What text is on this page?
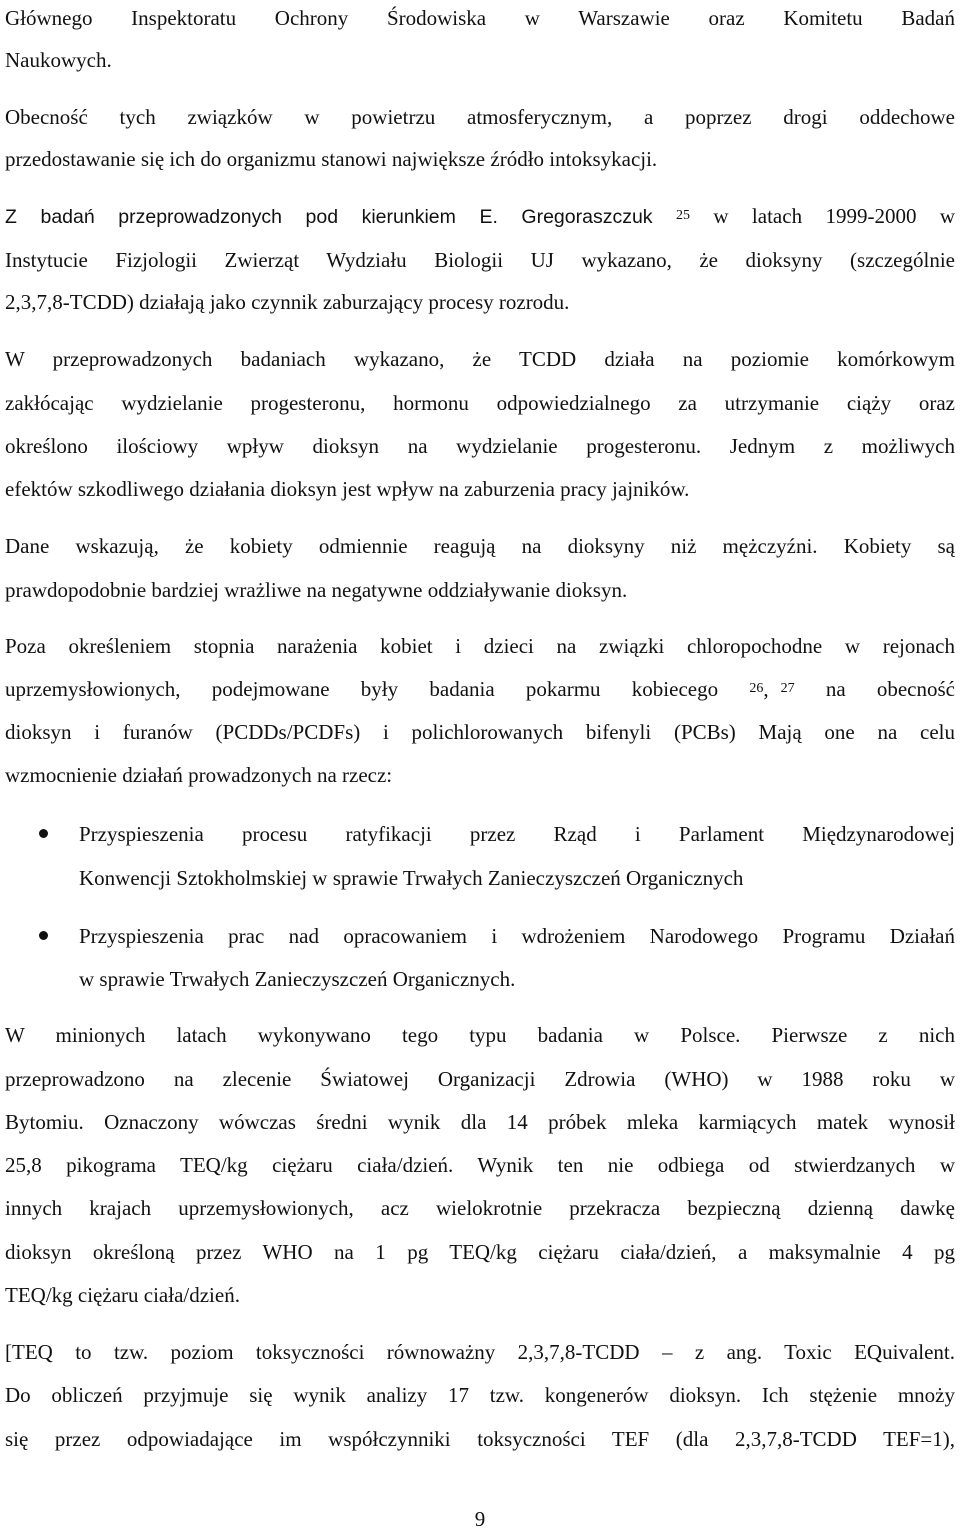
Głównego Inspektoratu Ochrony Środowiska w Warszawie oraz Komitetu Badań
Naukowych.
Obecność tych związków w powietrzu atmosferycznym, a poprzez drogi oddechowe
przedostawanie się ich do organizmu stanowi największe źródło intoksykacji.
Z badań przeprowadzonych pod kierunkiem E. Gregoraszczuk $^{25}$ w latach 1999-2000 w
Instytucie Fizjologii Zwierząt Wydziału Biologii UJ wykazano, że dioksyny (szczególnie
2,3,7,8-TCDD) działają jako czynnik zaburzający procesy rozrodu.
W przeprowadzonych badaniach wykazano, że TCDD działa na poziomie komórkowym
zakłócając wydzielanie progesteronu, hormonu odpowiedzialnego za utrzymanie ciąży oraz
określono ilościowy wpływ dioksyn na wydzielanie progesteronu. Jednym z możliwych
efektów szkodliwego działania dioksyn jest wpływ na zaburzenia pracy jajników.
Dane wskazują, że kobiety odmiennie reagują na dioksyny niż mężczyźni. Kobiety są
prawdopodobnie bardziej wrażliwe na negatywne oddziaływanie dioksyn.
Poza określeniem stopnia narażenia kobiet i dzieci na związki chloropochodne w rejonach
uprzemysłowionych, podejmowane były badania pokarmu kobiecego $^{26}$, $^{27}$ na obecność
dioksyn i furanów (PCDDs/PCDFs) i polichlorowanych bifenyli (PCBs) Mają one na celu
wzmocnienie działań prowadzonych na rzecz:
Przyspieszenia procesu ratyfikacji przez Rząd i Parlament Międzynarodowej
Konwencji Sztokholmskiej w sprawie Trwałych Zanieczyszczeń Organicznych
Przyspieszenia prac nad opracowaniem i wdrożeniem Narodowego Programu Działań
w sprawie Trwałych Zanieczyszczeń Organicznych.
W minionych latach wykonywano tego typu badania w Polsce. Pierwsze z nich
przeprowadzono na zlecenie Światowej Organizacji Zdrowia (WHO) w 1988 roku w
Bytomiu. Oznaczony wówczas średni wynik dla 14 próbek mleka karmiących matek wynosił
25,8 pikograma TEQ/kg ciężaru ciała/dzień. Wynik ten nie odbiega od stwierdzanych w
innych krajach uprzemysłowionych, acz wielokrotnie przekracza bezpieczną dzienną dawkę
dioksyn określoną przez WHO na 1 pg TEQ/kg ciężaru ciała/dzień, a maksymalnie 4 pg
TEQ/kg ciężaru ciała/dzień.
[TEQ to tzw. poziom toksyczności równoważny 2,3,7,8-TCDD – z ang. Toxic EQuivalent.
Do obliczeń przyjmuje się wynik analizy 17 tzw. kongenerów dioksyn. Ich stężenie mnoży
się przez odpowiadające im współczynniki toksyczności TEF (dla 2,3,7,8-TCDD TEF=1),
9
